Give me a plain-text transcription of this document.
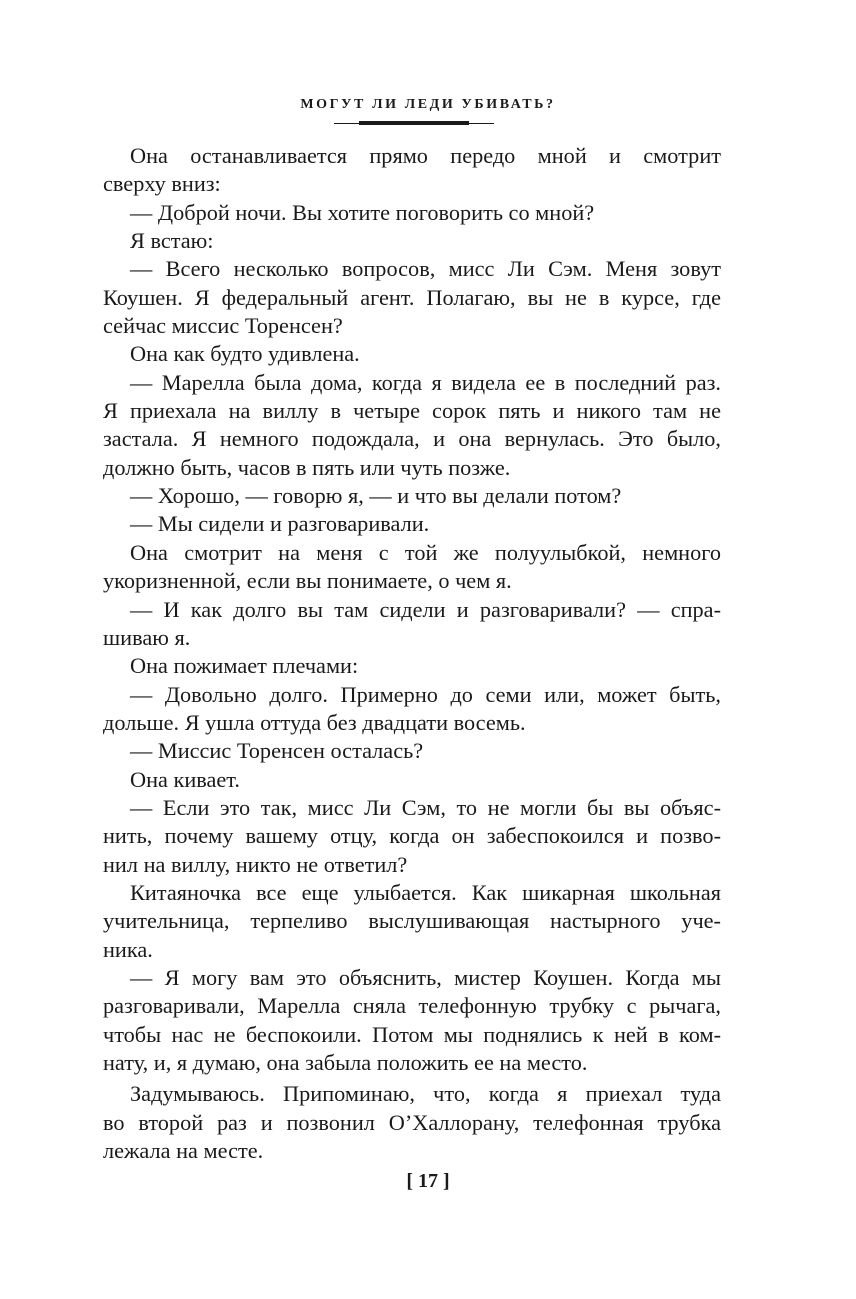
МОГУТ ЛИ ЛЕДИ УБИВАТЬ?
Она останавливается прямо передо мной и смотрит
сверху вниз:
— Доброй ночи. Вы хотите поговорить со мной?
Я встаю:
— Всего несколько вопросов, мисс Ли Сэм. Меня зовут
Коушен. Я федеральный агент. Полагаю, вы не в курсе, где
сейчас миссис Торенсен?
Она как будто удивлена.
— Марелла была дома, когда я видела ее в последний раз.
Я приехала на виллу в четыре сорок пять и никого там не
застала. Я немного подождала, и она вернулась. Это было,
должно быть, часов в пять или чуть позже.
— Хорошо, — говорю я, — и что вы делали потом?
— Мы сидели и разговаривали.
Она смотрит на меня с той же полуулыбкой, немного
укоризненной, если вы понимаете, о чем я.
— И как долго вы там сидели и разговаривали? — спра-
шиваю я.
Она пожимает плечами:
— Довольно долго. Примерно до семи или, может быть,
дольше. Я ушла оттуда без двадцати восемь.
— Миссис Торенсен осталась?
Она кивает.
— Если это так, мисс Ли Сэм, то не могли бы вы объяс-
нить, почему вашему отцу, когда он забеспокоился и позво-
нил на виллу, никто не ответил?
Китаяночка все еще улыбается. Как шикарная школьная
учительница, терпеливо выслушивающая настырного уче-
ника.
— Я могу вам это объяснить, мистер Коушен. Когда мы
разговаривали, Марелла сняла телефонную трубку с рычага,
чтобы нас не беспокоили. Потом мы поднялись к ней в ком-
нату, и, я думаю, она забыла положить ее на место.
Задумываюсь. Припоминаю, что, когда я приехал туда
во второй раз и позвонил О’Халлорану, телефонная трубка
лежала на месте.
[ 17 ]
